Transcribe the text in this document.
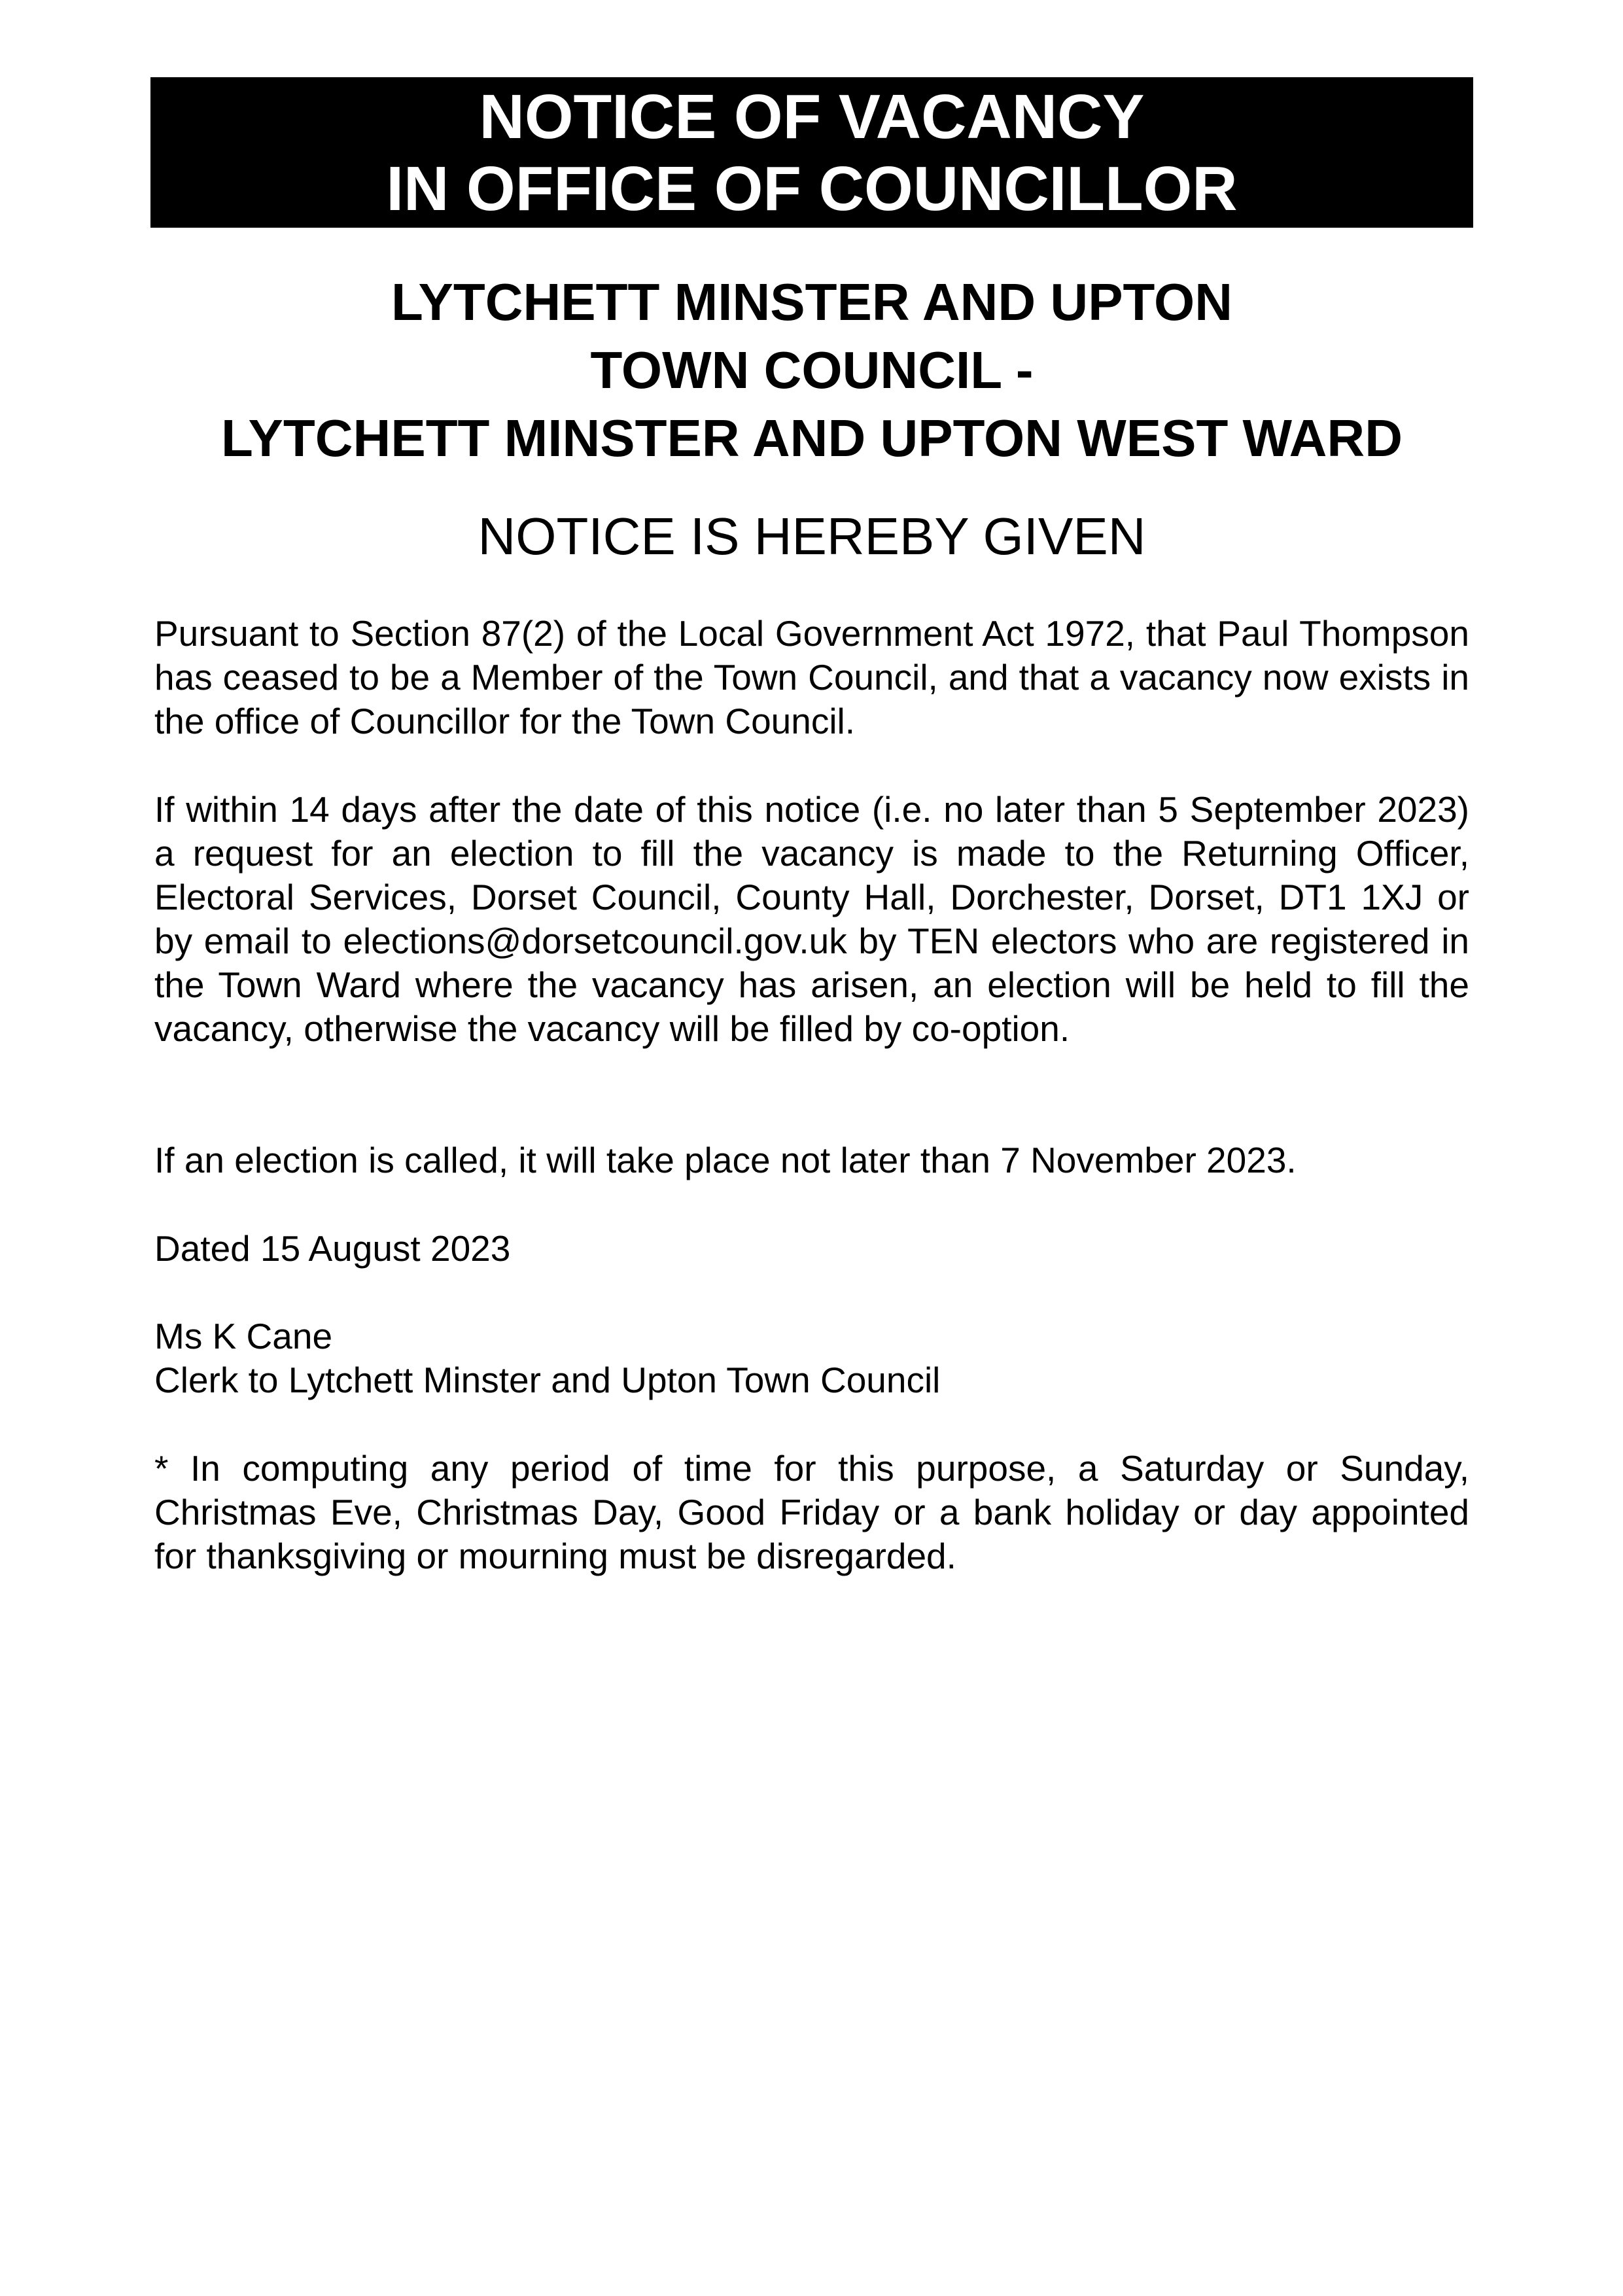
NOTICE OF VACANCY
IN OFFICE OF COUNCILLOR
LYTCHETT MINSTER AND UPTON
TOWN COUNCIL -
LYTCHETT MINSTER AND UPTON WEST WARD
NOTICE IS HEREBY GIVEN
Pursuant to Section 87(2) of the Local Government Act 1972, that Paul Thompson has ceased to be a Member of the Town Council, and that a vacancy now exists in the office of Councillor for the Town Council.
If within 14 days after the date of this notice (i.e. no later than 5 September 2023) a request for an election to fill the vacancy is made to the Returning Officer, Electoral Services, Dorset Council, County Hall, Dorchester, Dorset, DT1 1XJ or by email to elections@dorsetcouncil.gov.uk by TEN electors who are registered in the Town Ward where the vacancy has arisen, an election will be held to fill the vacancy, otherwise the vacancy will be filled by co-option.
If an election is called, it will take place not later than 7 November 2023.
Dated 15 August 2023
Ms K Cane
Clerk to Lytchett Minster and Upton Town Council
* In computing any period of time for this purpose, a Saturday or Sunday, Christmas Eve, Christmas Day, Good Friday or a bank holiday or day appointed for thanksgiving or mourning must be disregarded.
